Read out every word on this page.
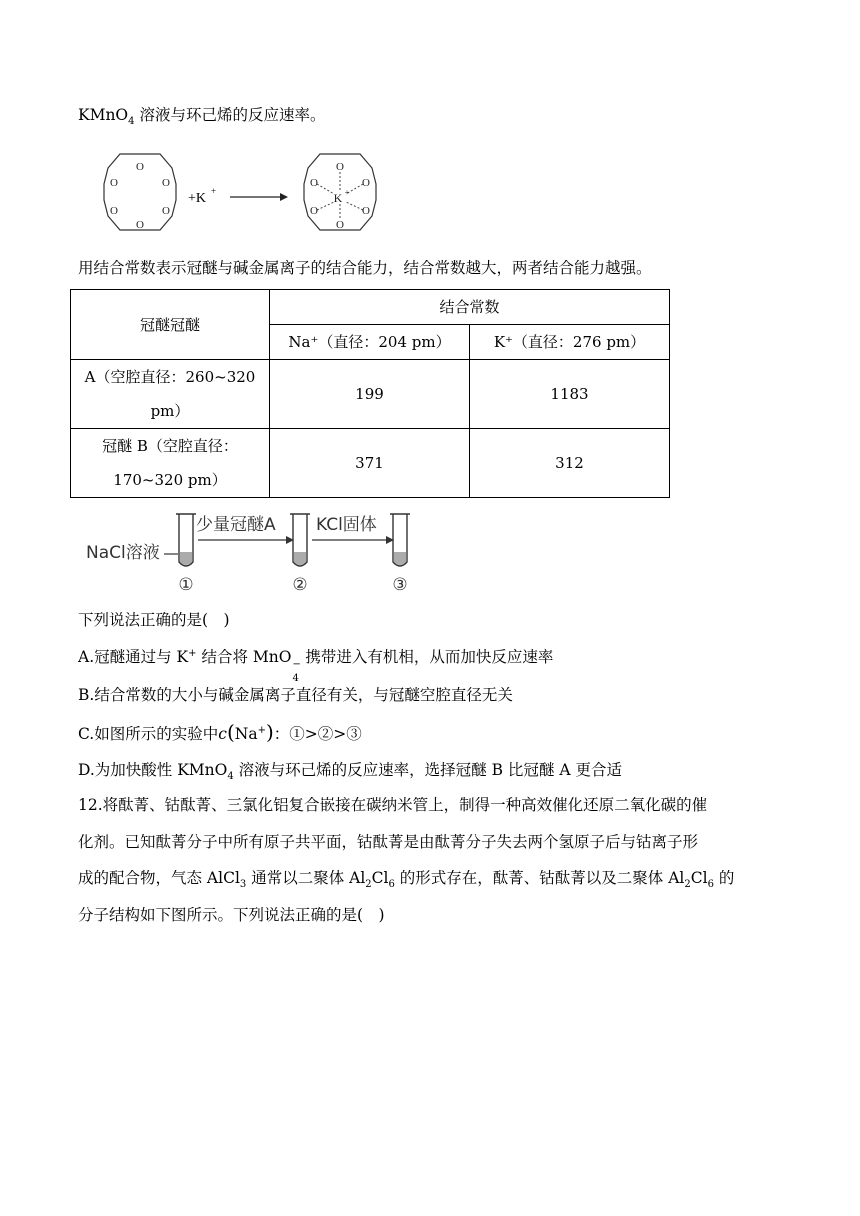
KMnO$_4$ 溶液与环己烯的反应速率。
O
O
O
O
O
O
+K +
O
O
O
O
O
O
K +
用结合常数表示冠醚与碱金属离子的结合能力，结合常数越大，两者结合能力越强。
冠醚冠醚	结合常数	
	Na⁺（直径：204 pm）	K⁺（直径：276 pm）

A（空腔直径：260~320
pm）	199	1183

冠醚 B（空腔直径：
170~320 pm）	371	312
NaCl溶液
①
少量冠醚A
②
KCl固体
③
下列说法正确的是(　)
A.冠醚通过与 K+ 结合将 MnO −
4
携带进入有机相，从而加快反应速率
B.结合常数的大小与碱金属离子直径有关，与冠醚空腔直径无关
C.如图所示的实验中c(Na+)：①>②>③
D.为加快酸性 KMnO$_4$ 溶液与环己烯的反应速率，选择冠醚 B 比冠醚 A 更合适
12.将酞菁、钴酞菁、三氯化铝复合嵌接在碳纳米管上，制得一种高效催化还原二氧化碳的催
化剂。已知酞菁分子中所有原子共平面，钴酞菁是由酞菁分子失去两个氢原子后与钴离子形
成的配合物，气态 AlCl$_3$ 通常以二聚体 $Al_2Cl_6$ 的形式存在，酞菁、钴酞菁以及二聚体 $Al_2Cl_6$ 的
分子结构如下图所示。下列说法正确的是(　)
